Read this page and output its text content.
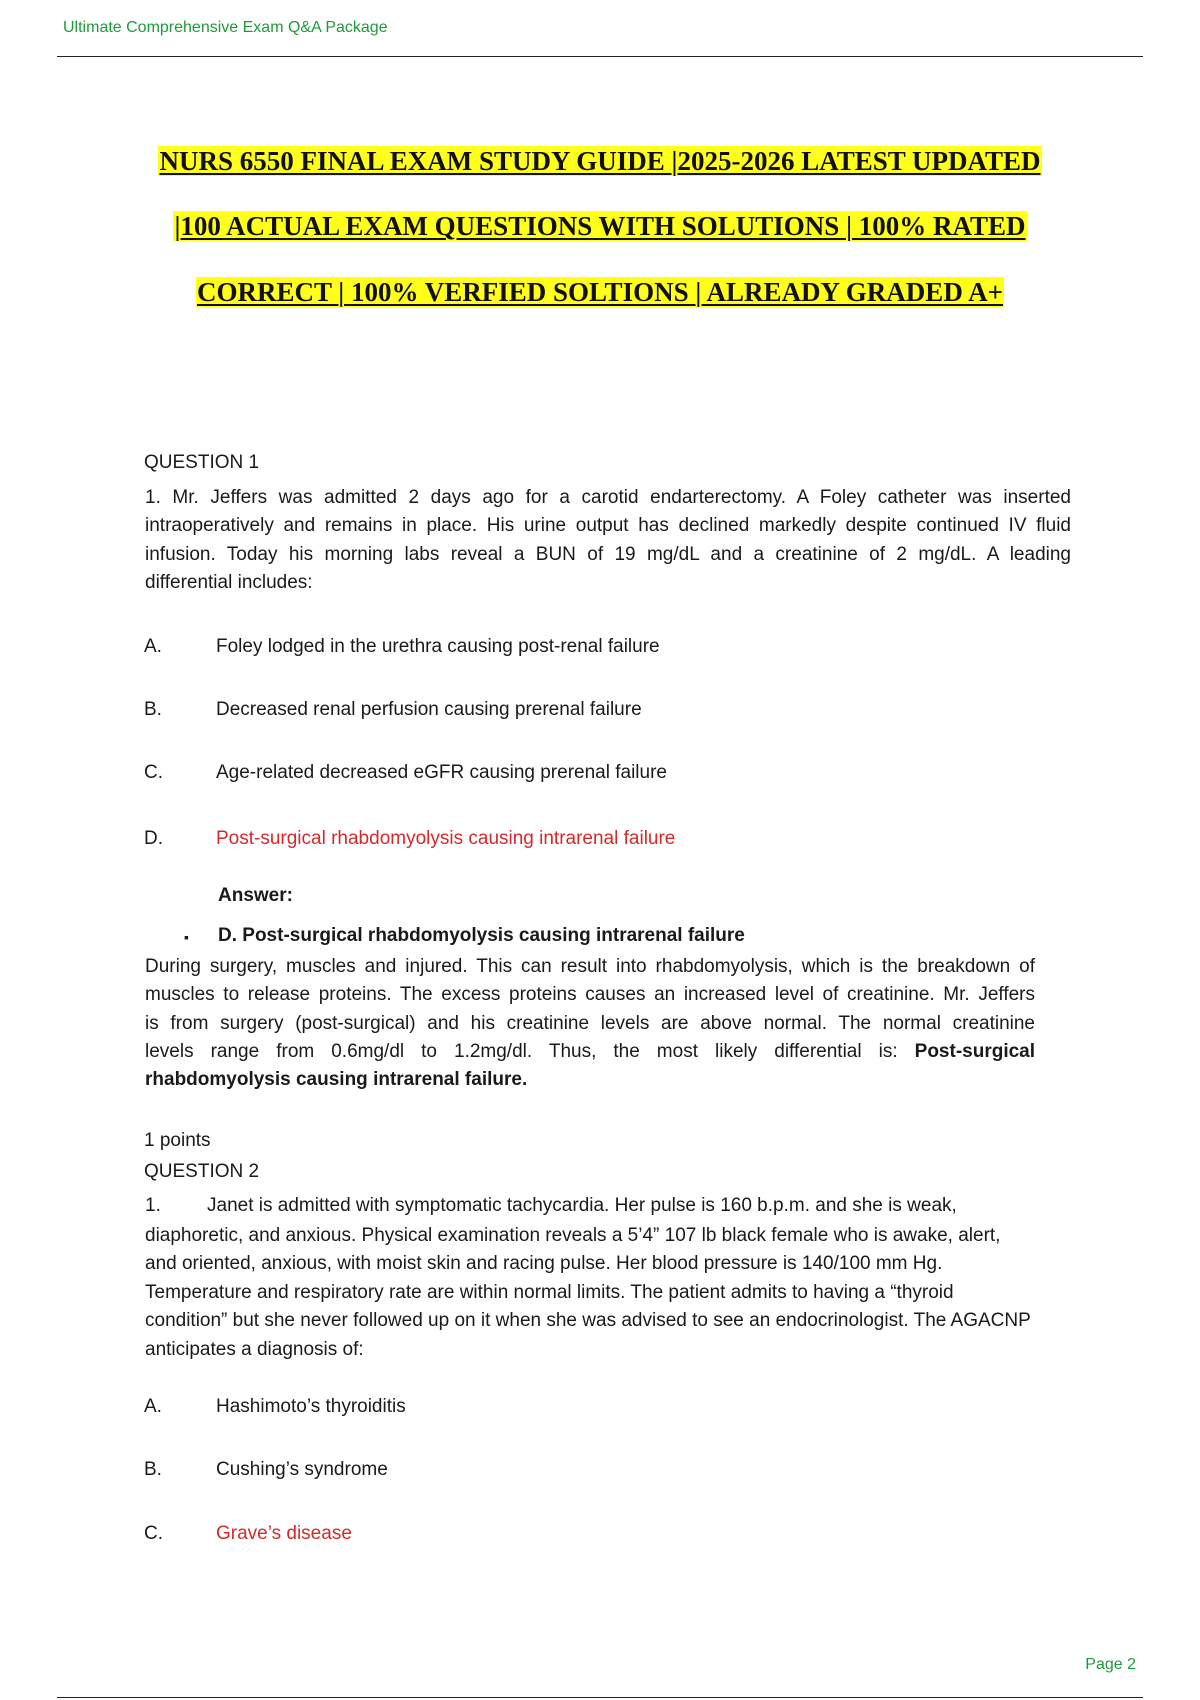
Ultimate Comprehensive Exam Q&A Package
NURS 6550 FINAL EXAM STUDY GUIDE |2025-2026 LATEST UPDATED
|100 ACTUAL EXAM QUESTIONS WITH SOLUTIONS | 100% RATED
CORRECT | 100% VERFIED SOLTIONS | ALREADY GRADED A+
QUESTION 1
1. Mr. Jeffers was admitted 2 days ago for a carotid endarterectomy. A Foley catheter was inserted
intraoperatively and remains in place. His urine output has declined markedly despite continued IV fluid
infusion. Today his morning labs reveal a BUN of 19 mg/dL and a creatinine of 2 mg/dL. A leading
differential includes:
A.	Foley lodged in the urethra causing post-renal failure
B.	Decreased renal perfusion causing prerenal failure
C.	Age-related decreased eGFR causing prerenal failure
D.	Post-surgical rhabdomyolysis causing intrarenal failure
Answer:
▪ D. Post-surgical rhabdomyolysis causing intrarenal failure
During surgery, muscles and injured. This can result into rhabdomyolysis, which is the breakdown of
muscles to release proteins. The excess proteins causes an increased level of creatinine. Mr. Jeffers
is from surgery (post-surgical) and his creatinine levels are above normal. The normal creatinine
levels range from 0.6mg/dl to 1.2mg/dl. Thus, the most likely differential is: Post-surgical
rhabdomyolysis causing intrarenal failure.
1 points
QUESTION 2
1. Janet is admitted with symptomatic tachycardia. Her pulse is 160 b.p.m. and she is weak,
diaphoretic, and anxious. Physical examination reveals a 5’4” 107 lb black female who is awake, alert,
and oriented, anxious, with moist skin and racing pulse. Her blood pressure is 140/100 mm Hg.
Temperature and respiratory rate are within normal limits. The patient admits to having a “thyroid
condition” but she never followed up on it when she was advised to see an endocrinologist. The AGACNP
anticipates a diagnosis of:
A.	Hashimoto’s thyroiditis
B.	Cushing’s syndrome
C.	Grave’s disease
Page 2
